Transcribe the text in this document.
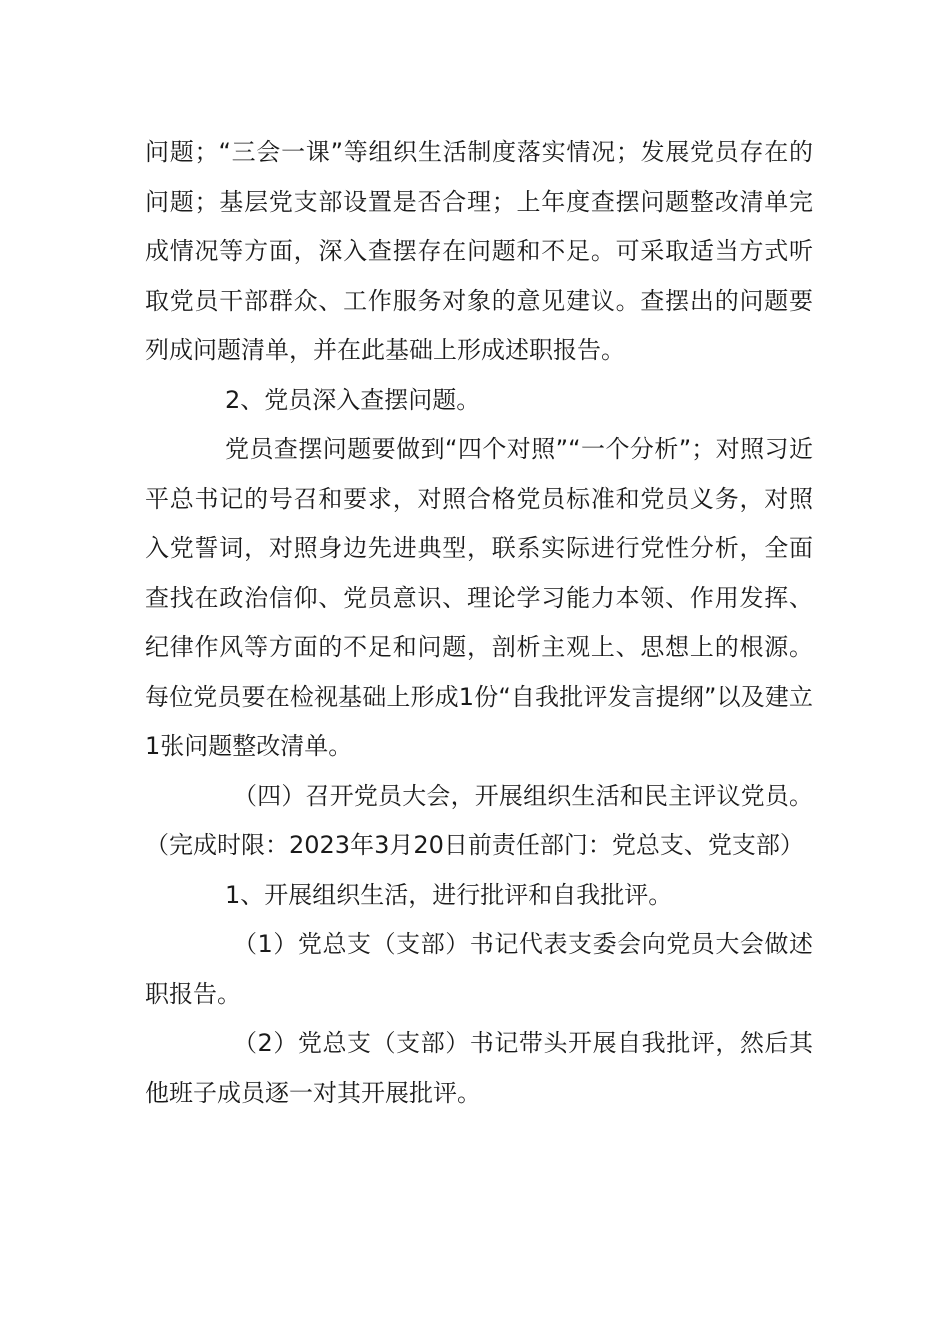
问题；“三会一课”等组织生活制度落实情况；发展党员存在的问题；基层党支部设置是否合理；上年度查摆问题整改清单完成情况等方面，深入查摆存在问题和不足。可采取适当方式听取党员干部群众、工作服务对象的意见建议。查摆出的问题要列成问题清单，并在此基础上形成述职报告。

2、党员深入查摆问题。

党员查摆问题要做到“四个对照”“一个分析”；对照习近平总书记的号召和要求，对照合格党员标准和党员义务，对照入党誓词，对照身边先进典型，联系实际进行党性分析，全面查找在政治信仰、党员意识、理论学习能力本领、作用发挥、纪律作风等方面的不足和问题，剖析主观上、思想上的根源。每位党员要在检视基础上形成1份“自我批评发言提纲”以及建立1张问题整改清单。

（四）召开党员大会，开展组织生活和民主评议党员。（完成时限：2023年3月20日前责任部门：党总支、党支部）

1、开展组织生活，进行批评和自我批评。

（1）党总支（支部）书记代表支委会向党员大会做述职报告。

（2）党总支（支部）书记带头开展自我批评，然后其他班子成员逐一对其开展批评。
